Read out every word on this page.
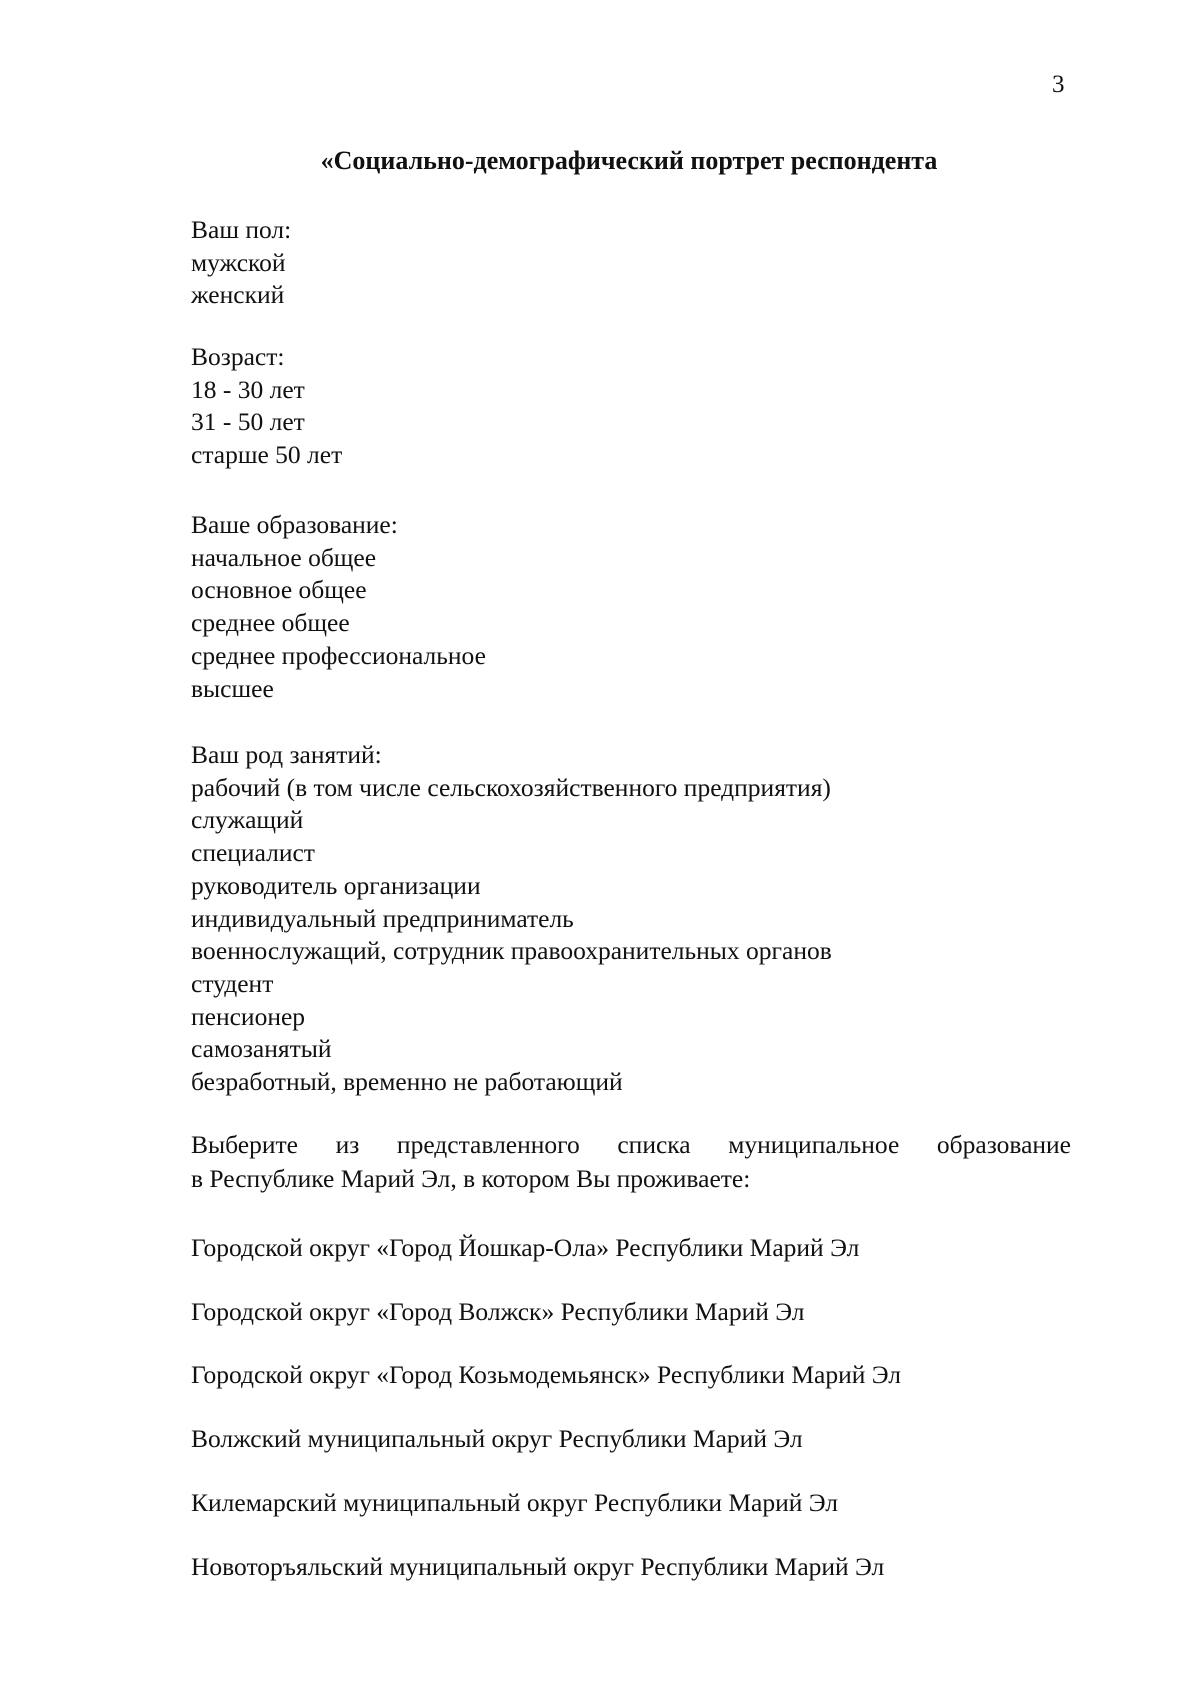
3
«Социально-демографический портрет респондента
Ваш пол:
мужской
женский
Возраст:
18 - 30 лет
31 - 50 лет
старше 50 лет
Ваше образование:
начальное общее
основное общее
среднее общее
среднее профессиональное
высшее
Ваш род занятий:
рабочий (в том числе сельскохозяйственного предприятия)
служащий
специалист
руководитель организации
индивидуальный предприниматель
военнослужащий, сотрудник правоохранительных органов
студент
пенсионер
самозанятый
безработный, временно не работающий
Выберите из представленного списка муниципальное образование
в Республике Марий Эл, в котором Вы проживаете:
Городской округ «Город Йошкар-Ола» Республики Марий Эл
Городской округ «Город Волжск» Республики Марий Эл
Городской округ «Город Козьмодемьянск» Республики Марий Эл
Волжский муниципальный округ Республики Марий Эл
Килемарский муниципальный округ Республики Марий Эл
Новоторъяльский муниципальный округ Республики Марий Эл
